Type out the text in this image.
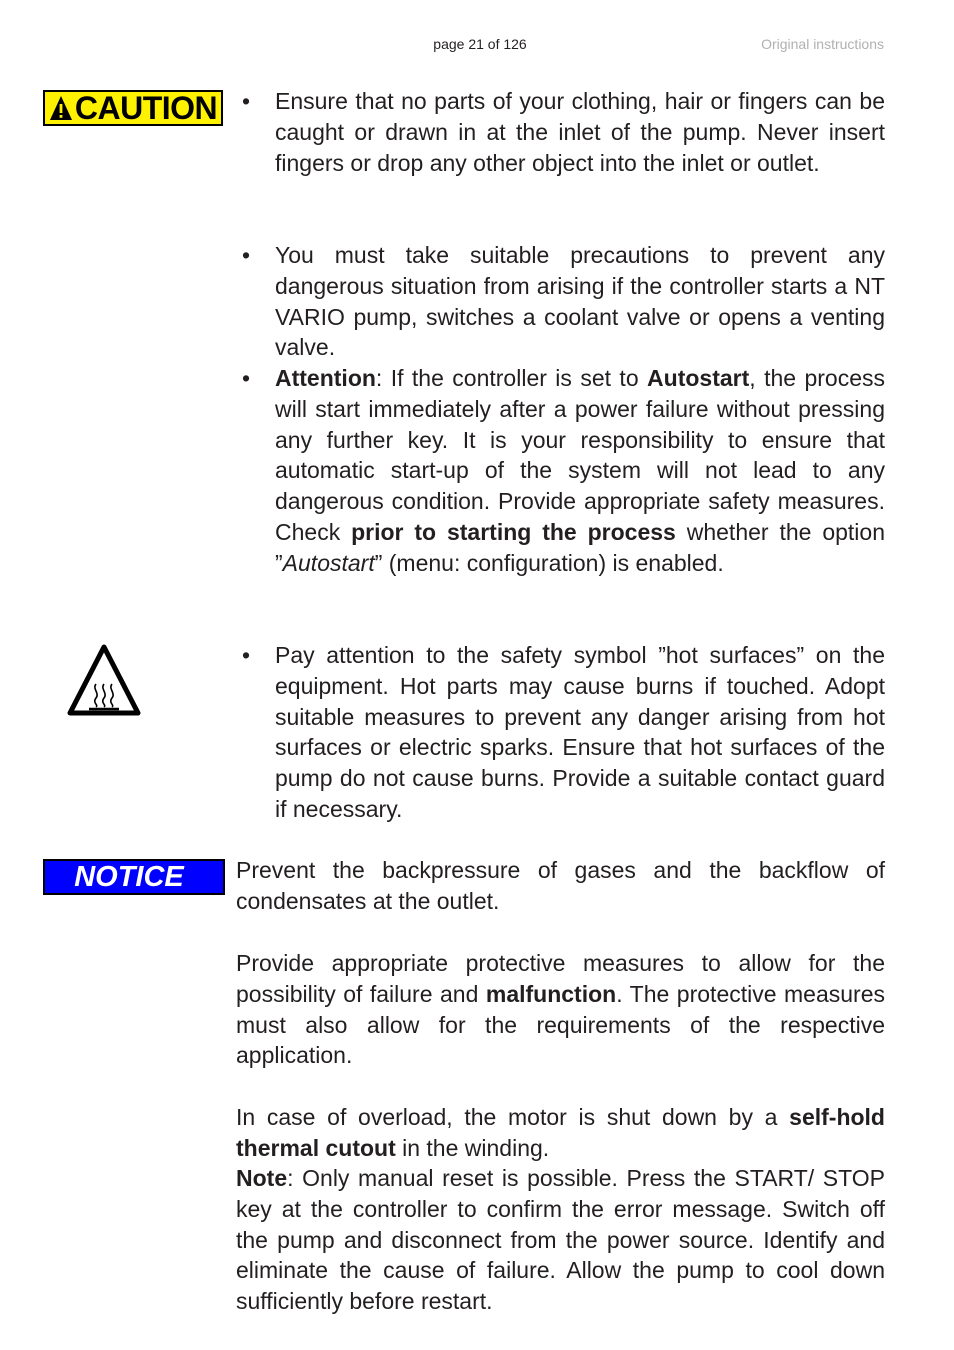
page 21 of 126	Original instructions
CAUTION • Ensure that no parts of your clothing, hair or fingers can be caught or drawn in at the inlet of the pump. Never insert fingers or drop any other object into the inlet or outlet.

• You must take suitable precautions to prevent any dangerous situation from arising if the controller starts a NT VARIO pump, switches a coolant valve or opens a venting valve.

• Attention: If the controller is set to Autostart, the process will start immediately after a power failure without pressing any further key. It is your responsibility to ensure that automatic start-up of the system will not lead to any dangerous condition. Provide appropriate safety measures. Check prior to starting the process whether the option ”Autostart” (menu: configuration) is enabled.

• Pay attention to the safety symbol ”hot surfaces” on the equipment. Hot parts may cause burns if touched. Adopt suitable measures to prevent any danger arising from hot surfaces or electric sparks. Ensure that hot surfaces of the pump do not cause burns. Provide a suitable contact guard if necessary.

NOTICE	Prevent the backpressure of gases and the backflow of condensates at the outlet.

Provide appropriate protective measures to allow for the possibility of failure and malfunction. The protective measures must also allow for the requirements of the respective application.

In case of overload, the motor is shut down by a self-hold thermal cutout in the winding.

Note: Only manual reset is possible. Press the START/ STOP key at the controller to confirm the error message. Switch off the pump and disconnect from the power source. Identify and eliminate the cause of failure. Allow the pump to cool down sufficiently before restart.
